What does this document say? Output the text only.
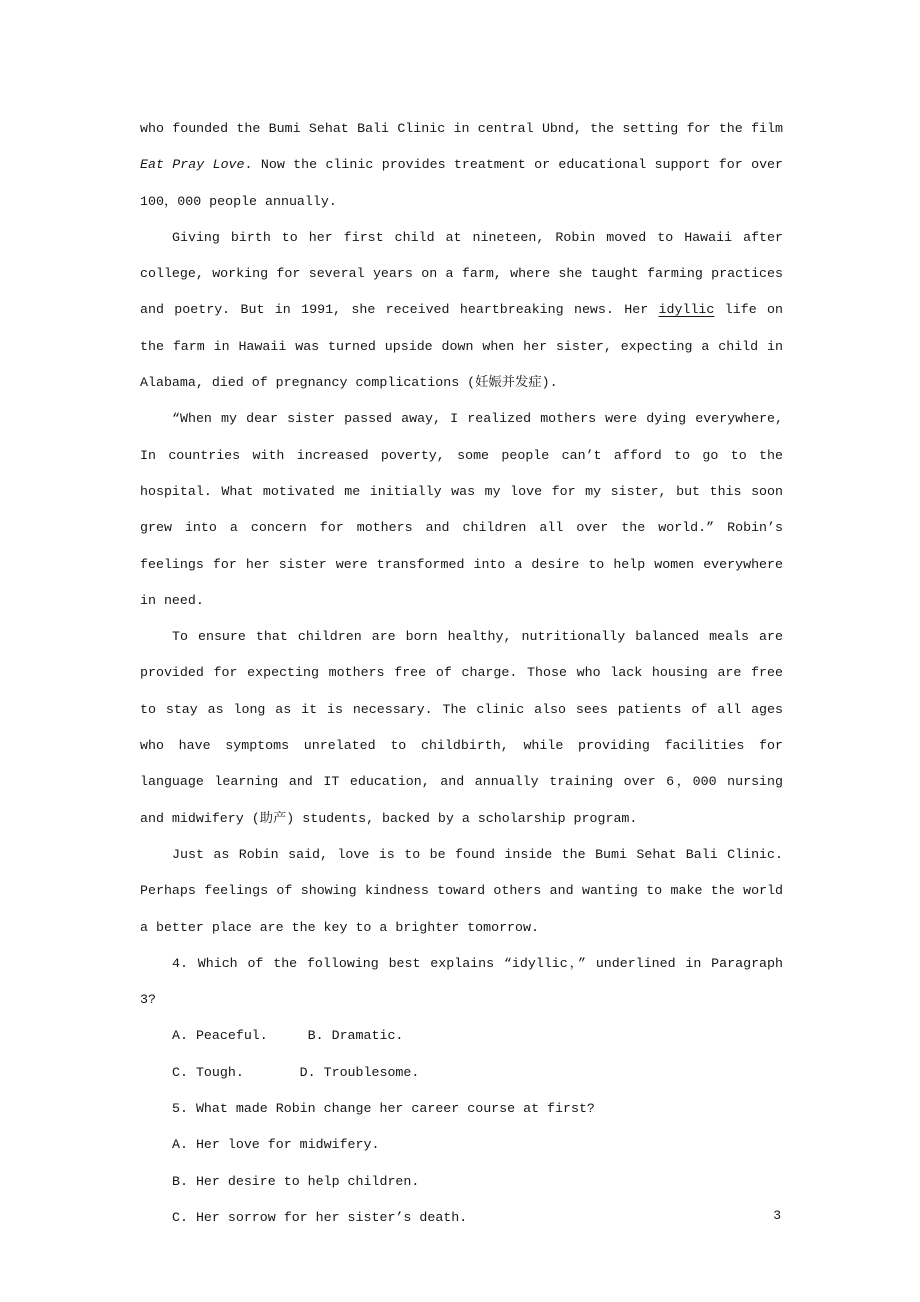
who founded the Bumi Sehat Bali Clinic in central Ubnd, the setting for the film Eat Pray Love. Now the clinic provides treatment or educational support for over 100，000 people annually.

Giving birth to her first child at nineteen, Robin moved to Hawaii after college, working for several years on a farm, where she taught farming practices and poetry. But in 1991, she received heartbreaking news. Her idyllic life on the farm in Hawaii was turned upside down when her sister, expecting a child in Alabama, died of pregnancy complications (妊娠并发症).

“When my dear sister passed away, I realized mothers were dying everywhere, In countries with increased poverty, some people can’t afford to go to the hospital. What motivated me initially was my love for my sister, but this soon grew into a concern for mothers and children all over the world.” Robin’s feelings for her sister were transformed into a desire to help women everywhere in need.

To ensure that children are born healthy, nutritionally balanced meals are provided for expecting mothers free of charge. Those who lack housing are free to stay as long as it is necessary. The clinic also sees patients of all ages who have symptoms unrelated to childbirth, while providing facilities for language learning and IT education, and annually training over 6，000 nursing and midwifery (助产) students, backed by a scholarship program.

Just as Robin said, love is to be found inside the Bumi Sehat Bali Clinic. Perhaps feelings of showing kindness toward others and wanting to make the world a better place are the key to a brighter tomorrow.

4. Which of the following best explains “idyllic，” underlined in Paragraph 3?

A. Peaceful.     B. Dramatic.

C. Tough.       D. Troublesome.

5. What made Robin change her career course at first?

A. Her love for midwifery.

B. Her desire to help children.

C. Her sorrow for her sister’s death.	3
